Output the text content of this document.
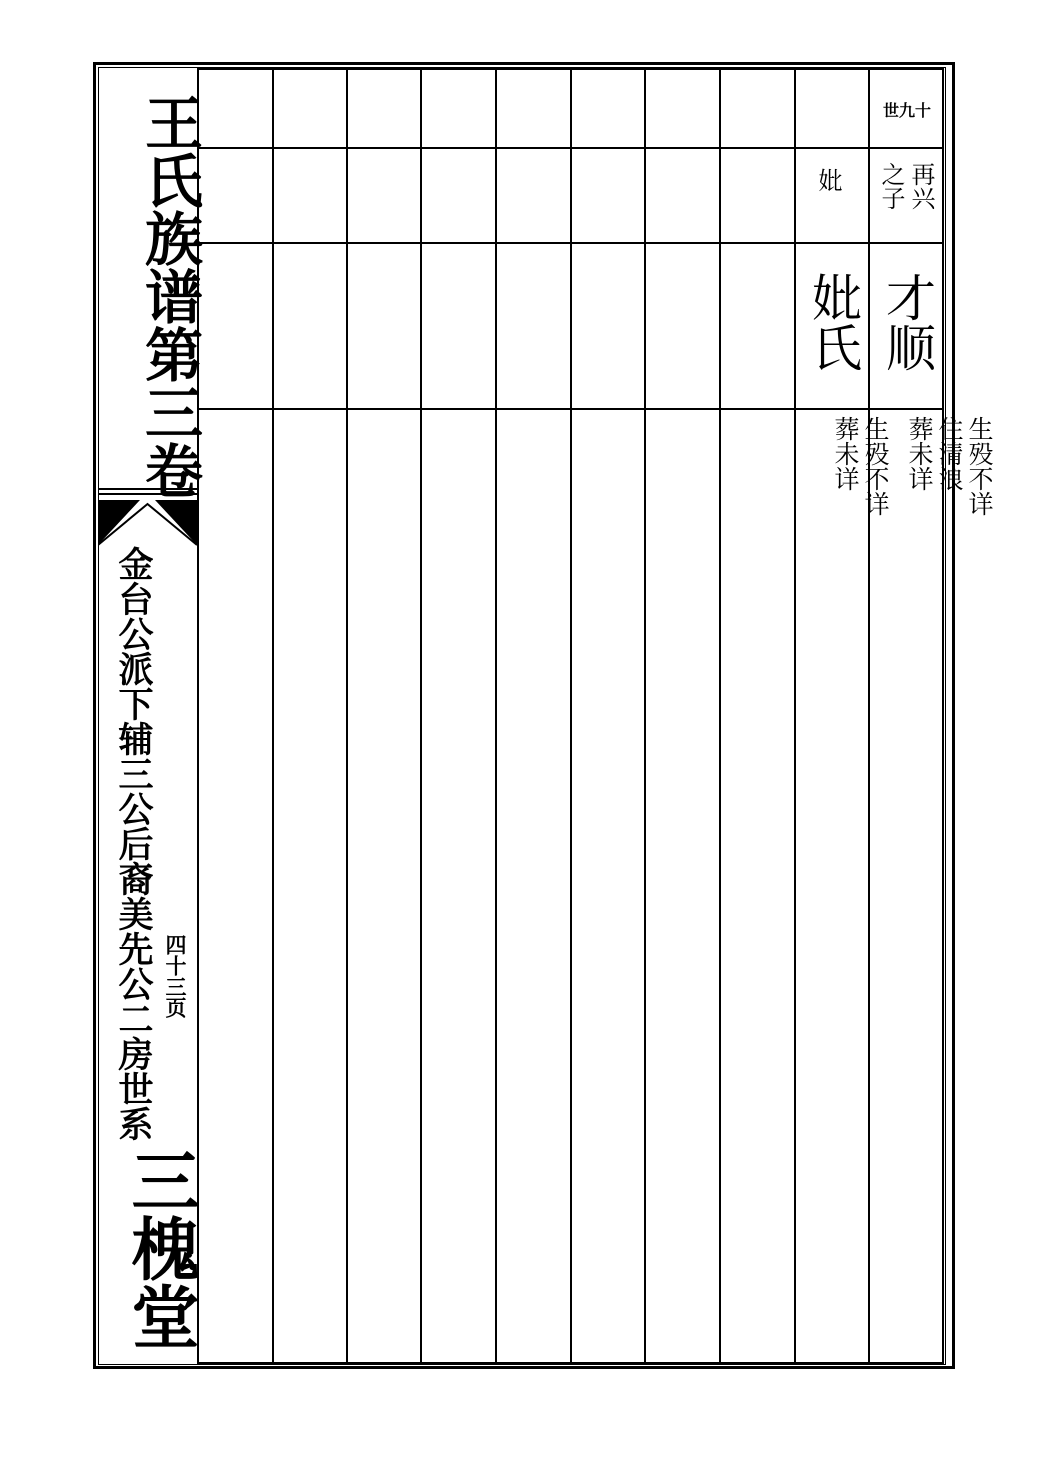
王氏族谱第三卷
金台公派下辅三公后裔美先公二房世系 四十三页
三槐堂
世九十
再兴之子
妣
才顺
妣氏
生殁不详
住清浪
葬未详
生殁不详
葬未详
